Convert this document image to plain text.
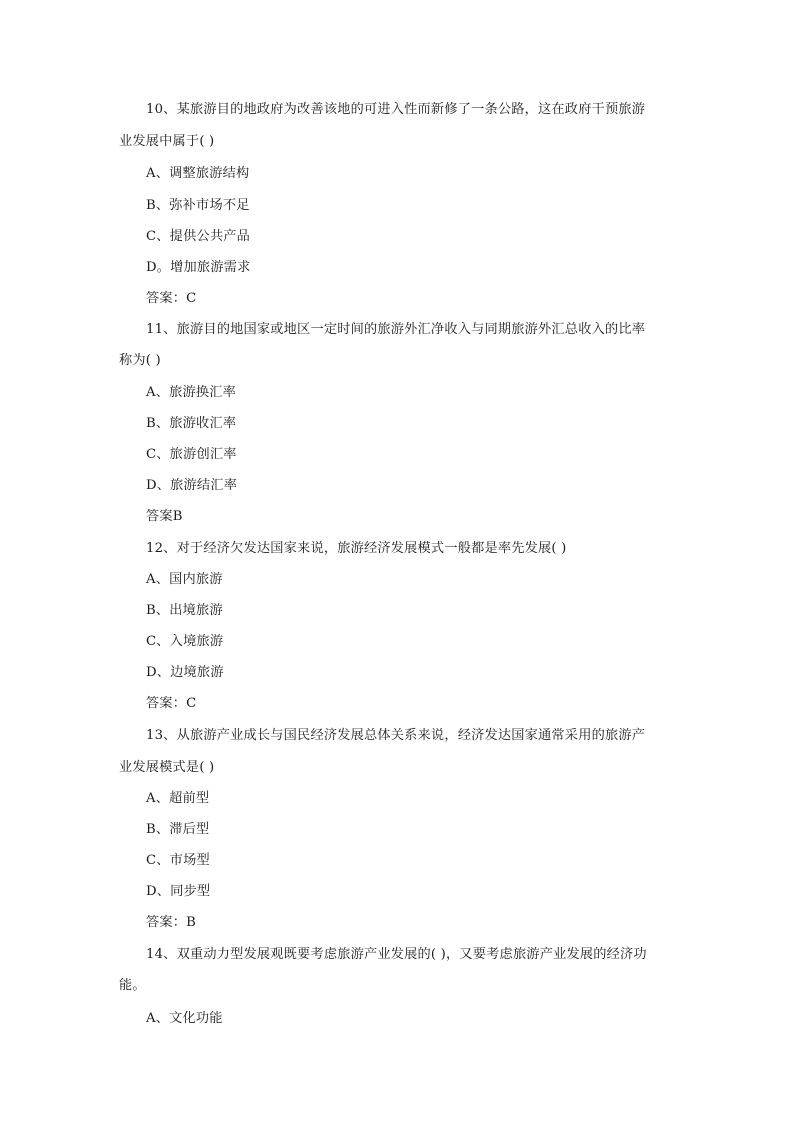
10、某旅游目的地政府为改善该地的可进入性而新修了一条公路，这在政府干预旅游
业发展中属于( )
A、调整旅游结构
B、弥补市场不足
C、提供公共产品
D。增加旅游需求
答案：C
11、旅游目的地国家或地区一定时间的旅游外汇净收入与同期旅游外汇总收入的比率
称为( )
A、旅游换汇率
B、旅游收汇率
C、旅游创汇率
D、旅游结汇率
答案B
12、对于经济欠发达国家来说，旅游经济发展模式一般都是率先发展( )
A、国内旅游
B、出境旅游
C、入境旅游
D、边境旅游
答案：C
13、从旅游产业成长与国民经济发展总体关系来说，经济发达国家通常采用的旅游产
业发展模式是( )
A、超前型
B、滞后型
C、市场型
D、同步型
答案：B
14、双重动力型发展观既要考虑旅游产业发展的( )，又要考虑旅游产业发展的经济功
能。
A、文化功能
